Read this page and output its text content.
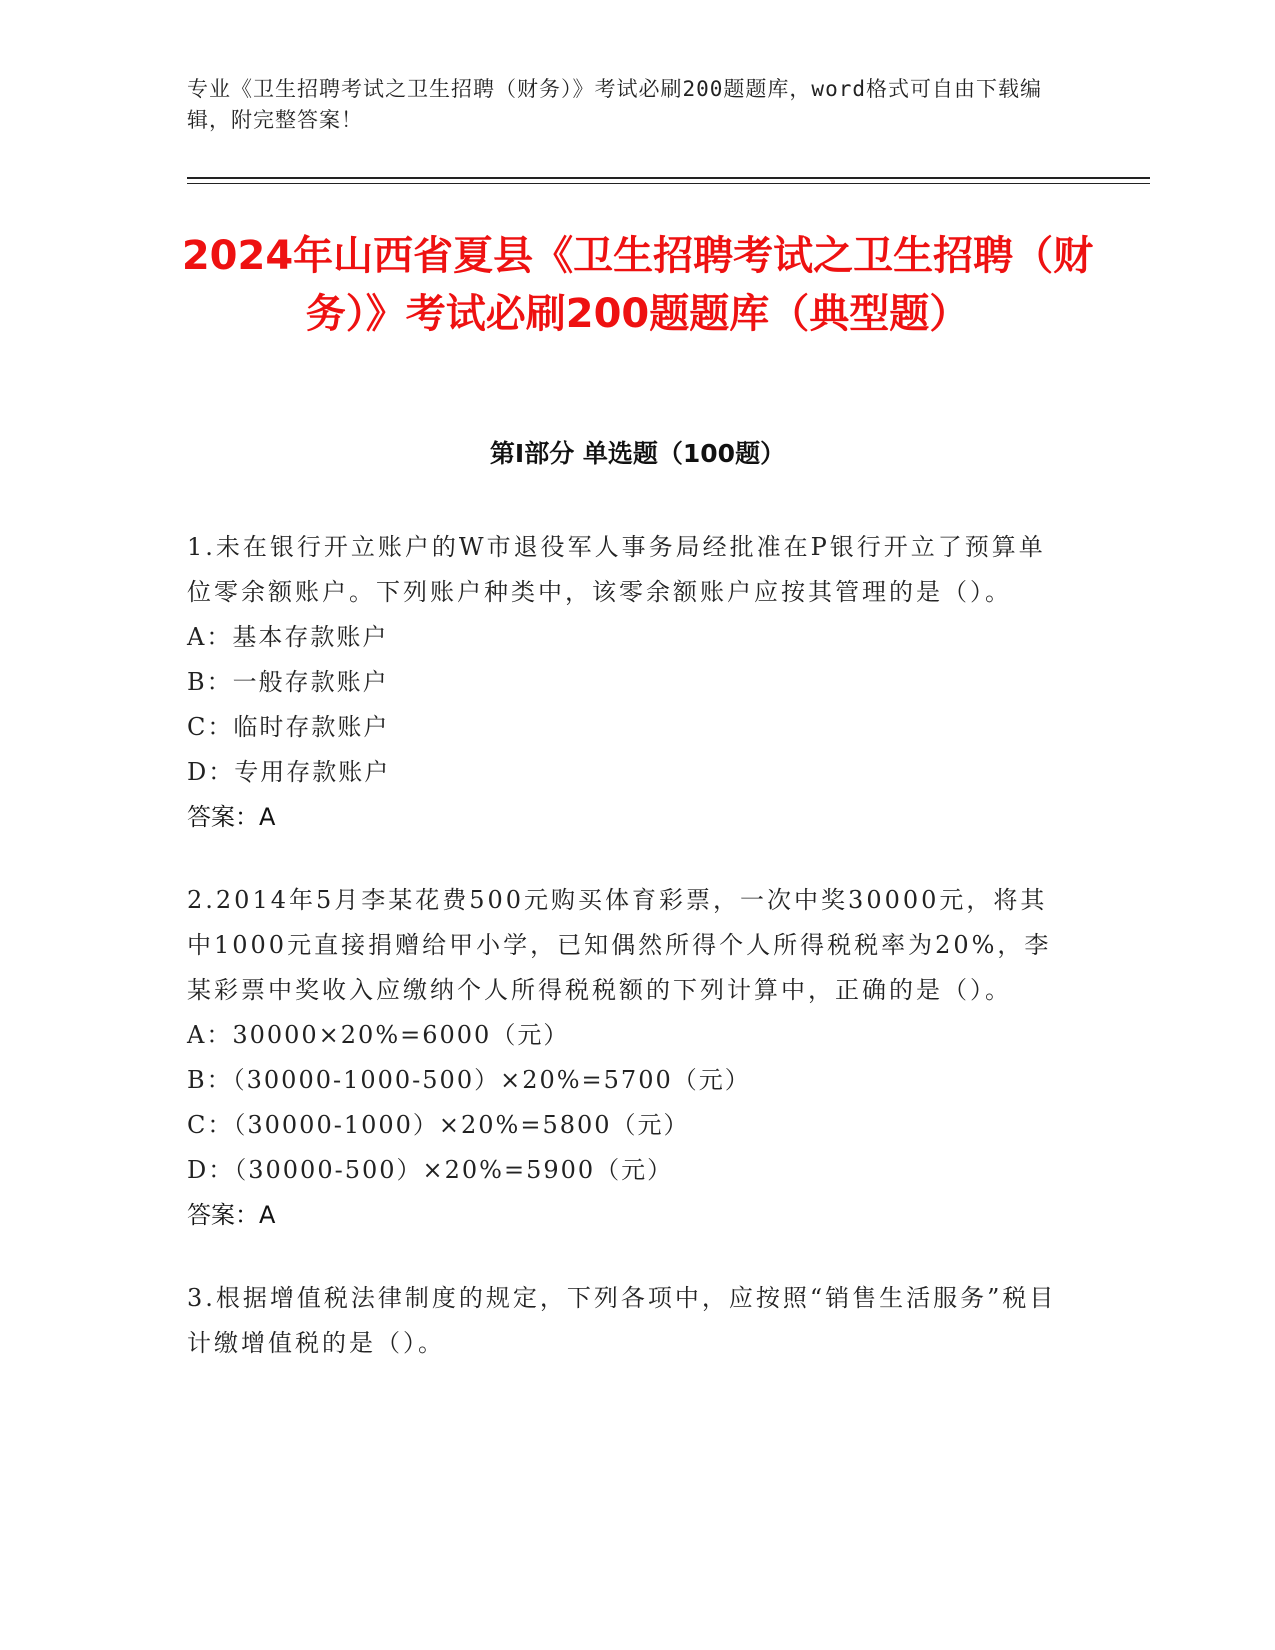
专业《卫生招聘考试之卫生招聘（财务）》考试必刷200题题库，word格式可自由下载编辑，附完整答案！
2024年山西省夏县《卫生招聘考试之卫生招聘（财务）》考试必刷200题题库（典型题）
第I部分 单选题（100题）

1.未在银行开立账户的W市退役军人事务局经批准在P银行开立了预算单位零余额账户。下列账户种类中，该零余额账户应按其管理的是（）。

A：基本存款账户

B：一般存款账户

C：临时存款账户

D：专用存款账户

答案：A

2.2014年5月李某花费500元购买体育彩票，一次中奖30000元，将其中1000元直接捐赠给甲小学，已知偶然所得个人所得税税率为20%，李某彩票中奖收入应缴纳个人所得税税额的下列计算中，正确的是（）。

A：30000×20%=6000（元）

B：（30000-1000-500）×20%=5700（元）

C：（30000-1000）×20%=5800（元）

D：（30000-500）×20%=5900（元）

答案：A

3.根据增值税法律制度的规定，下列各项中，应按照“销售生活服务”税目计缴增值税的是（）。
